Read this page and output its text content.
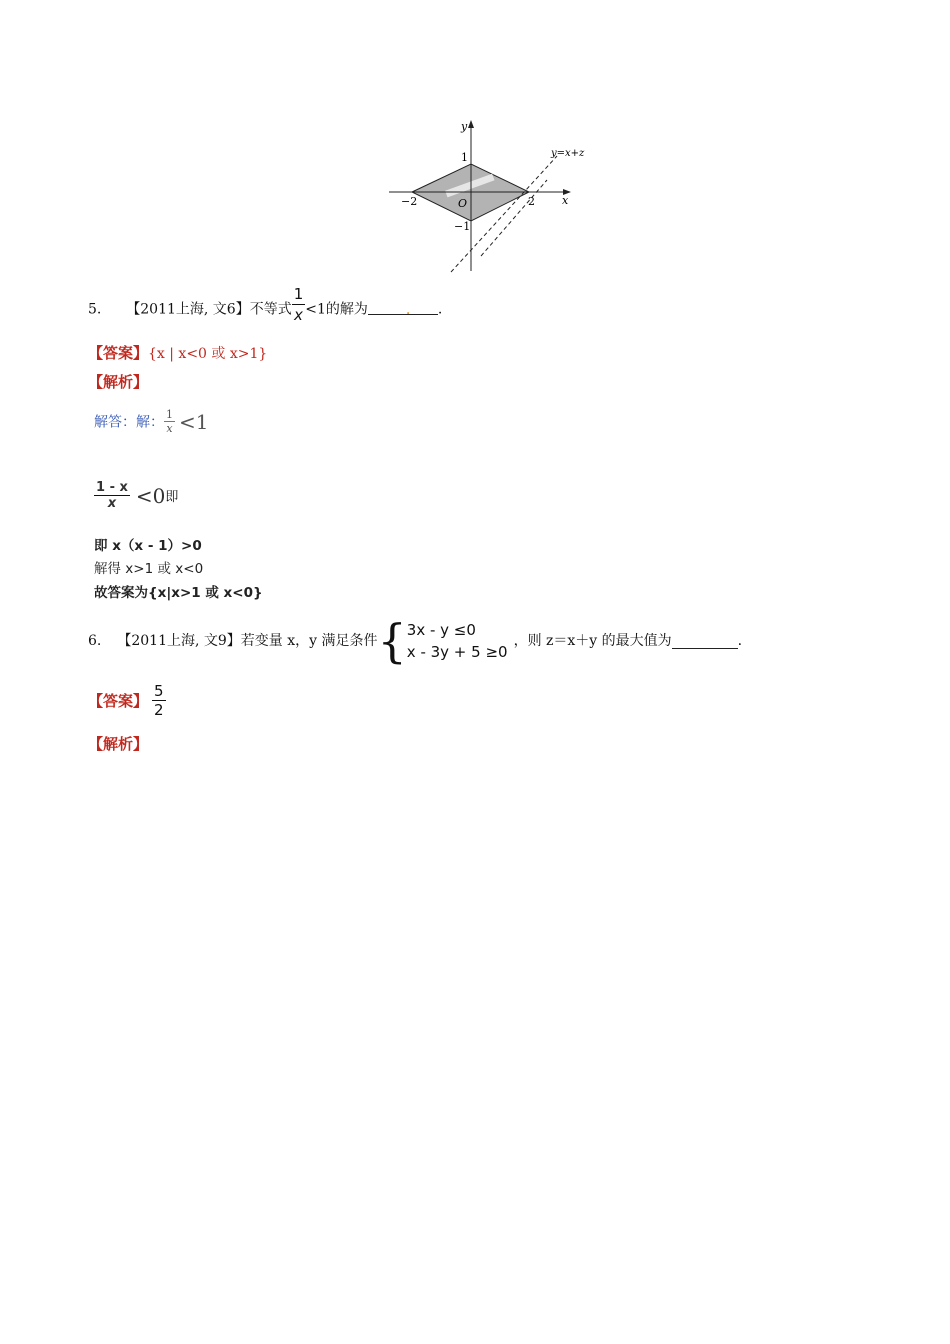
y
x
O
−2	2
1
−1
y=x+z
5. 【2011上海, 文6】不等式 $\frac{1}{x} <1$的解为	. .
【答案】{x | x<0 或 x>1}
【解析】
解答：解： $\frac{1}{x} <1$
$\frac{1 - x}{x} <0$即
即 x（x - 1）>0
解得 x>1 或 x<0
故答案为{x|x>1 或 x<0}
6. 【2011上海, 文9】 若变量 x，y 满足条件 { 3x - y ≤0
x - 3y + 5 ≥0
，则 z＝x＋y 的最大值为	.
【答案】 $\frac{5}{2}$
【解析】
